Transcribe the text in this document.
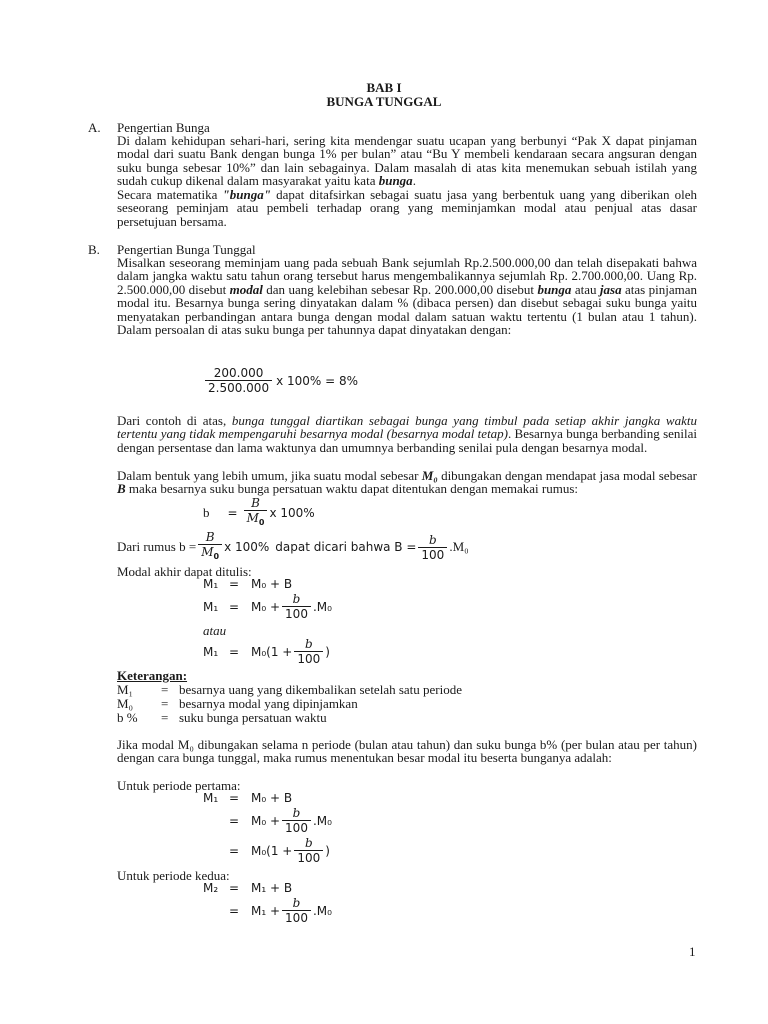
BAB I
BUNGA TUNGGAL
A. Pengertian Bunga
Di dalam kehidupan sehari-hari, sering kita mendengar suatu ucapan yang berbunyi “Pak X dapat pinjaman modal dari suatu Bank dengan bunga 1% per bulan” atau “Bu Y membeli kendaraan secara angsuran dengan suku bunga sebesar 10%” dan lain sebagainya. Dalam masalah di atas kita menemukan sebuah istilah yang sudah cukup dikenal dalam masyarakat yaitu kata bunga.
Secara matematika "bunga" dapat ditafsirkan sebagai suatu jasa yang berbentuk uang yang diberikan oleh seseorang peminjam atau pembeli terhadap orang yang meminjamkan modal atau penjual atas dasar persetujuan bersama.
B. Pengertian Bunga Tunggal
Misalkan seseorang meminjam uang pada sebuah Bank sejumlah Rp.2.500.000,00 dan telah disepakati bahwa dalam jangka waktu satu tahun orang tersebut harus mengembalikannya sejumlah Rp. 2.700.000,00. Uang Rp. 2.500.000,00 disebut modal dan uang kelebihan sebesar Rp. 200.000,00 disebut bunga atau jasa atas pinjaman modal itu. Besarnya bunga sering dinyatakan dalam % (dibaca persen) dan disebut sebagai suku bunga yaitu menyatakan perbandingan antara bunga dengan modal dalam satuan waktu tertentu (1 bulan atau 1 tahun). Dalam persoalan di atas suku bunga per tahunnya dapat dinyatakan dengan:
$\frac{200.000}{2.500.000}$ x 100% = 8%
Dari contoh di atas, bunga tunggal diartikan sebagai bunga yang timbul pada setiap akhir jangka waktu tertentu yang tidak mempengaruhi besarnya modal (besarnya modal tetap). Besarnya bunga berbanding senilai dengan persentase dan lama waktunya dan umumnya berbanding senilai pula dengan besarnya modal.
Dalam bentuk yang lebih umum, jika suatu modal sebesar M₀ dibungakan dengan mendapat jasa modal sebesar B maka besarnya suku bunga persatuan waktu dapat ditentukan dengan memakai rumus:
$b = \frac{B}{M_0}$ x 100%
Dari rumus $b = \frac{B}{M_0}$ x 100% dapat dicari bahwa $B = \frac{b}{100} .M_0$
Modal akhir dapat ditulis:
M₁ = M₀ + B
$M_1 = M_0 + \frac{b}{100} .M_0$
atau
$M_1 = M_0(1 + \frac{b}{100}$ )
Keterangan:
M₁ = besarnya uang yang dikembalikan setelah satu periode
M₀ = besarnya modal yang dipinjamkan
b % = suku bunga persatuan waktu
Jika modal M₀ dibungakan selama n periode (bulan atau tahun) dan suku bunga b% (per bulan atau per tahun) dengan cara bunga tunggal, maka rumus menentukan besar modal itu beserta bunganya adalah:
Untuk periode pertama:
M₁ = M₀ + B
= $M_0 + \frac{b}{100} .M_0$
= $M_0(1 + \frac{b}{100}$ )
Untuk periode kedua:
M₂ = M₁ + B
= $M_1 + \frac{b}{100} .M_0$
1
